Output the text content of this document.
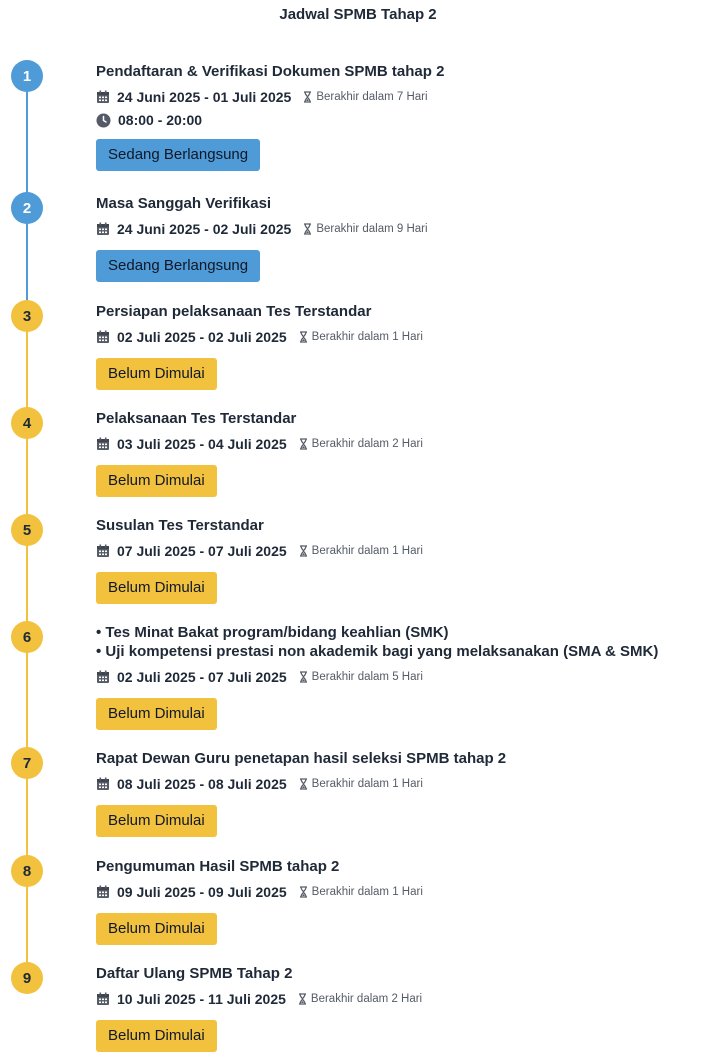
Jadwal SPMB Tahap 2
1	Pendaftaran & Verifikasi Dokumen SPMB tahap 2
24 Juni 2025 - 01 Juli 2025 Berakhir dalam 7 Hari
08:00 - 20:00
Sedang Berlangsung
2	Masa Sanggah Verifikasi
24 Juni 2025 - 02 Juli 2025 Berakhir dalam 9 Hari
Sedang Berlangsung
3	Persiapan pelaksanaan Tes Terstandar
02 Juli 2025 - 02 Juli 2025 Berakhir dalam 1 Hari
Belum Dimulai
4	Pelaksanaan Tes Terstandar
03 Juli 2025 - 04 Juli 2025 Berakhir dalam 2 Hari
Belum Dimulai
5	Susulan Tes Terstandar
07 Juli 2025 - 07 Juli 2025 Berakhir dalam 1 Hari
Belum Dimulai
6	• Tes Minat Bakat program/bidang keahlian (SMK)
• Uji kompetensi prestasi non akademik bagi yang melaksanakan (SMA & SMK)
02 Juli 2025 - 07 Juli 2025 Berakhir dalam 5 Hari
Belum Dimulai
7	Rapat Dewan Guru penetapan hasil seleksi SPMB tahap 2
08 Juli 2025 - 08 Juli 2025 Berakhir dalam 1 Hari
Belum Dimulai
8	Pengumuman Hasil SPMB tahap 2
09 Juli 2025 - 09 Juli 2025 Berakhir dalam 1 Hari
Belum Dimulai
9	Daftar Ulang SPMB Tahap 2
10 Juli 2025 - 11 Juli 2025 Berakhir dalam 2 Hari
Belum Dimulai
